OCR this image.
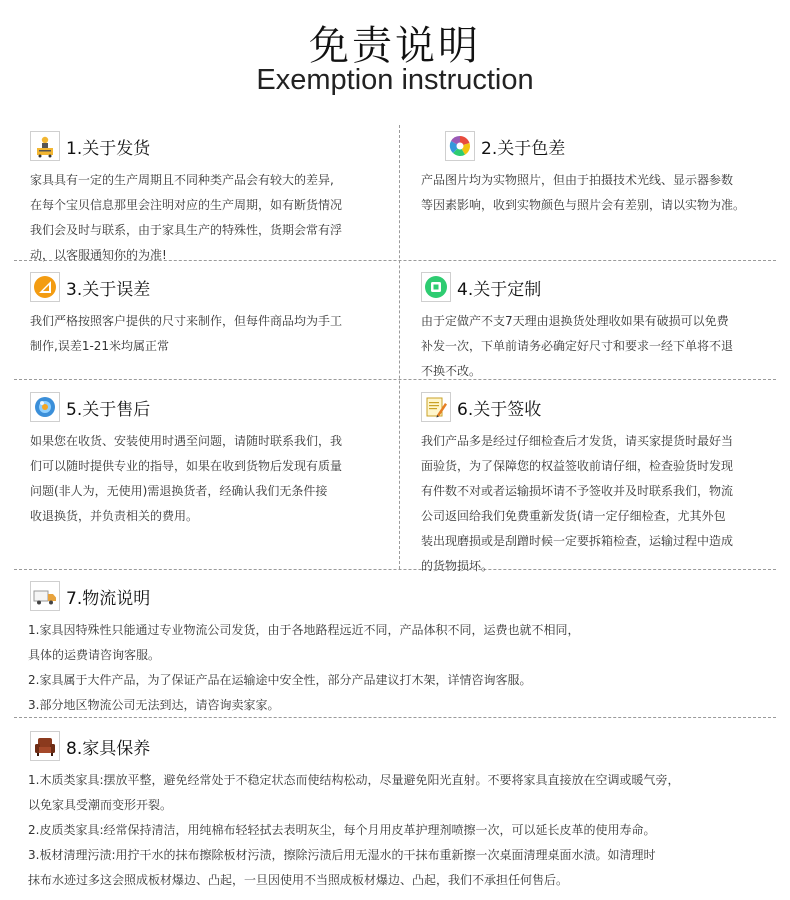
免责说明
Exemption instruction
1.关于发货

家具具有一定的生产周期且不同种类产品会有较大的差异,

在每个宝贝信息那里会注明对应的生产周期，如有断货情况

我们会及时与联系，由于家具生产的特殊性，货期会常有浮

动，以客服通知你的为准!

2.关于色差

产品图片均为实物照片，但由于拍摄技术光线、显示器参数

等因素影响，收到实物颜色与照片会有差别，请以实物为准。

3.关于误差

我们严格按照客户提供的尺寸来制作，但每件商品均为手工

制作,误差1-21米均属正常

4.关于定制

由于定做产不支7天理由退换货处理收如果有破损可以免费

补发一次，下单前请务必确定好尺寸和要求一经下单将不退

不换不改。

5.关于售后

如果您在收货、安装使用时遇至问题，请随时联系我们，我

们可以随时提供专业的指导，如果在收到货物后发现有质量

问题(非人为，无使用)需退换货者，经确认我们无条件接

收退换货，并负责相关的费用。

6.关于签收

我们产品多是经过仔细检查后才发货，请买家提货时最好当

面验货，为了保障您的权益签收前请仔细，检查验货时发现

有件数不对或者运输损坏请不予签收并及时联系我们，物流

公司返回给我们免费重新发货(请一定仔细检查，尤其外包

装出现磨损或是刮蹭时候一定要拆箱检查，运输过程中造成

的货物损坏。

7.物流说明

1.家具因特殊性只能通过专业物流公司发货，由于各地路程远近不同，产品体积不同，运费也就不相同，

具体的运费请咨询客服。

2.家具属于大件产品，为了保证产品在运输途中安全性，部分产品建议打木架，详情咨询客服。

3.部分地区物流公司无法到达，请咨询卖家家。

8.家具保养

1.木质类家具:摆放平整，避免经常处于不稳定状态而使结构松动，尽量避免阳光直射。不要将家具直接放在空调或暖气旁，

以免家具受潮而变形开裂。

2.皮质类家具:经常保持清洁，用纯棉布轻轻拭去表明灰尘，每个月用皮革护理剂喷擦一次，可以延长皮革的使用寿命。

3.板材清理污渍:用拧干水的抹布擦除板材污渍，擦除污渍后用无湿水的干抹布重新擦一次桌面清理桌面水渍。如清理时

抹布水迹过多这会照成板材爆边、凸起，一旦因使用不当照成板材爆边、凸起，我们不承担任何售后。
